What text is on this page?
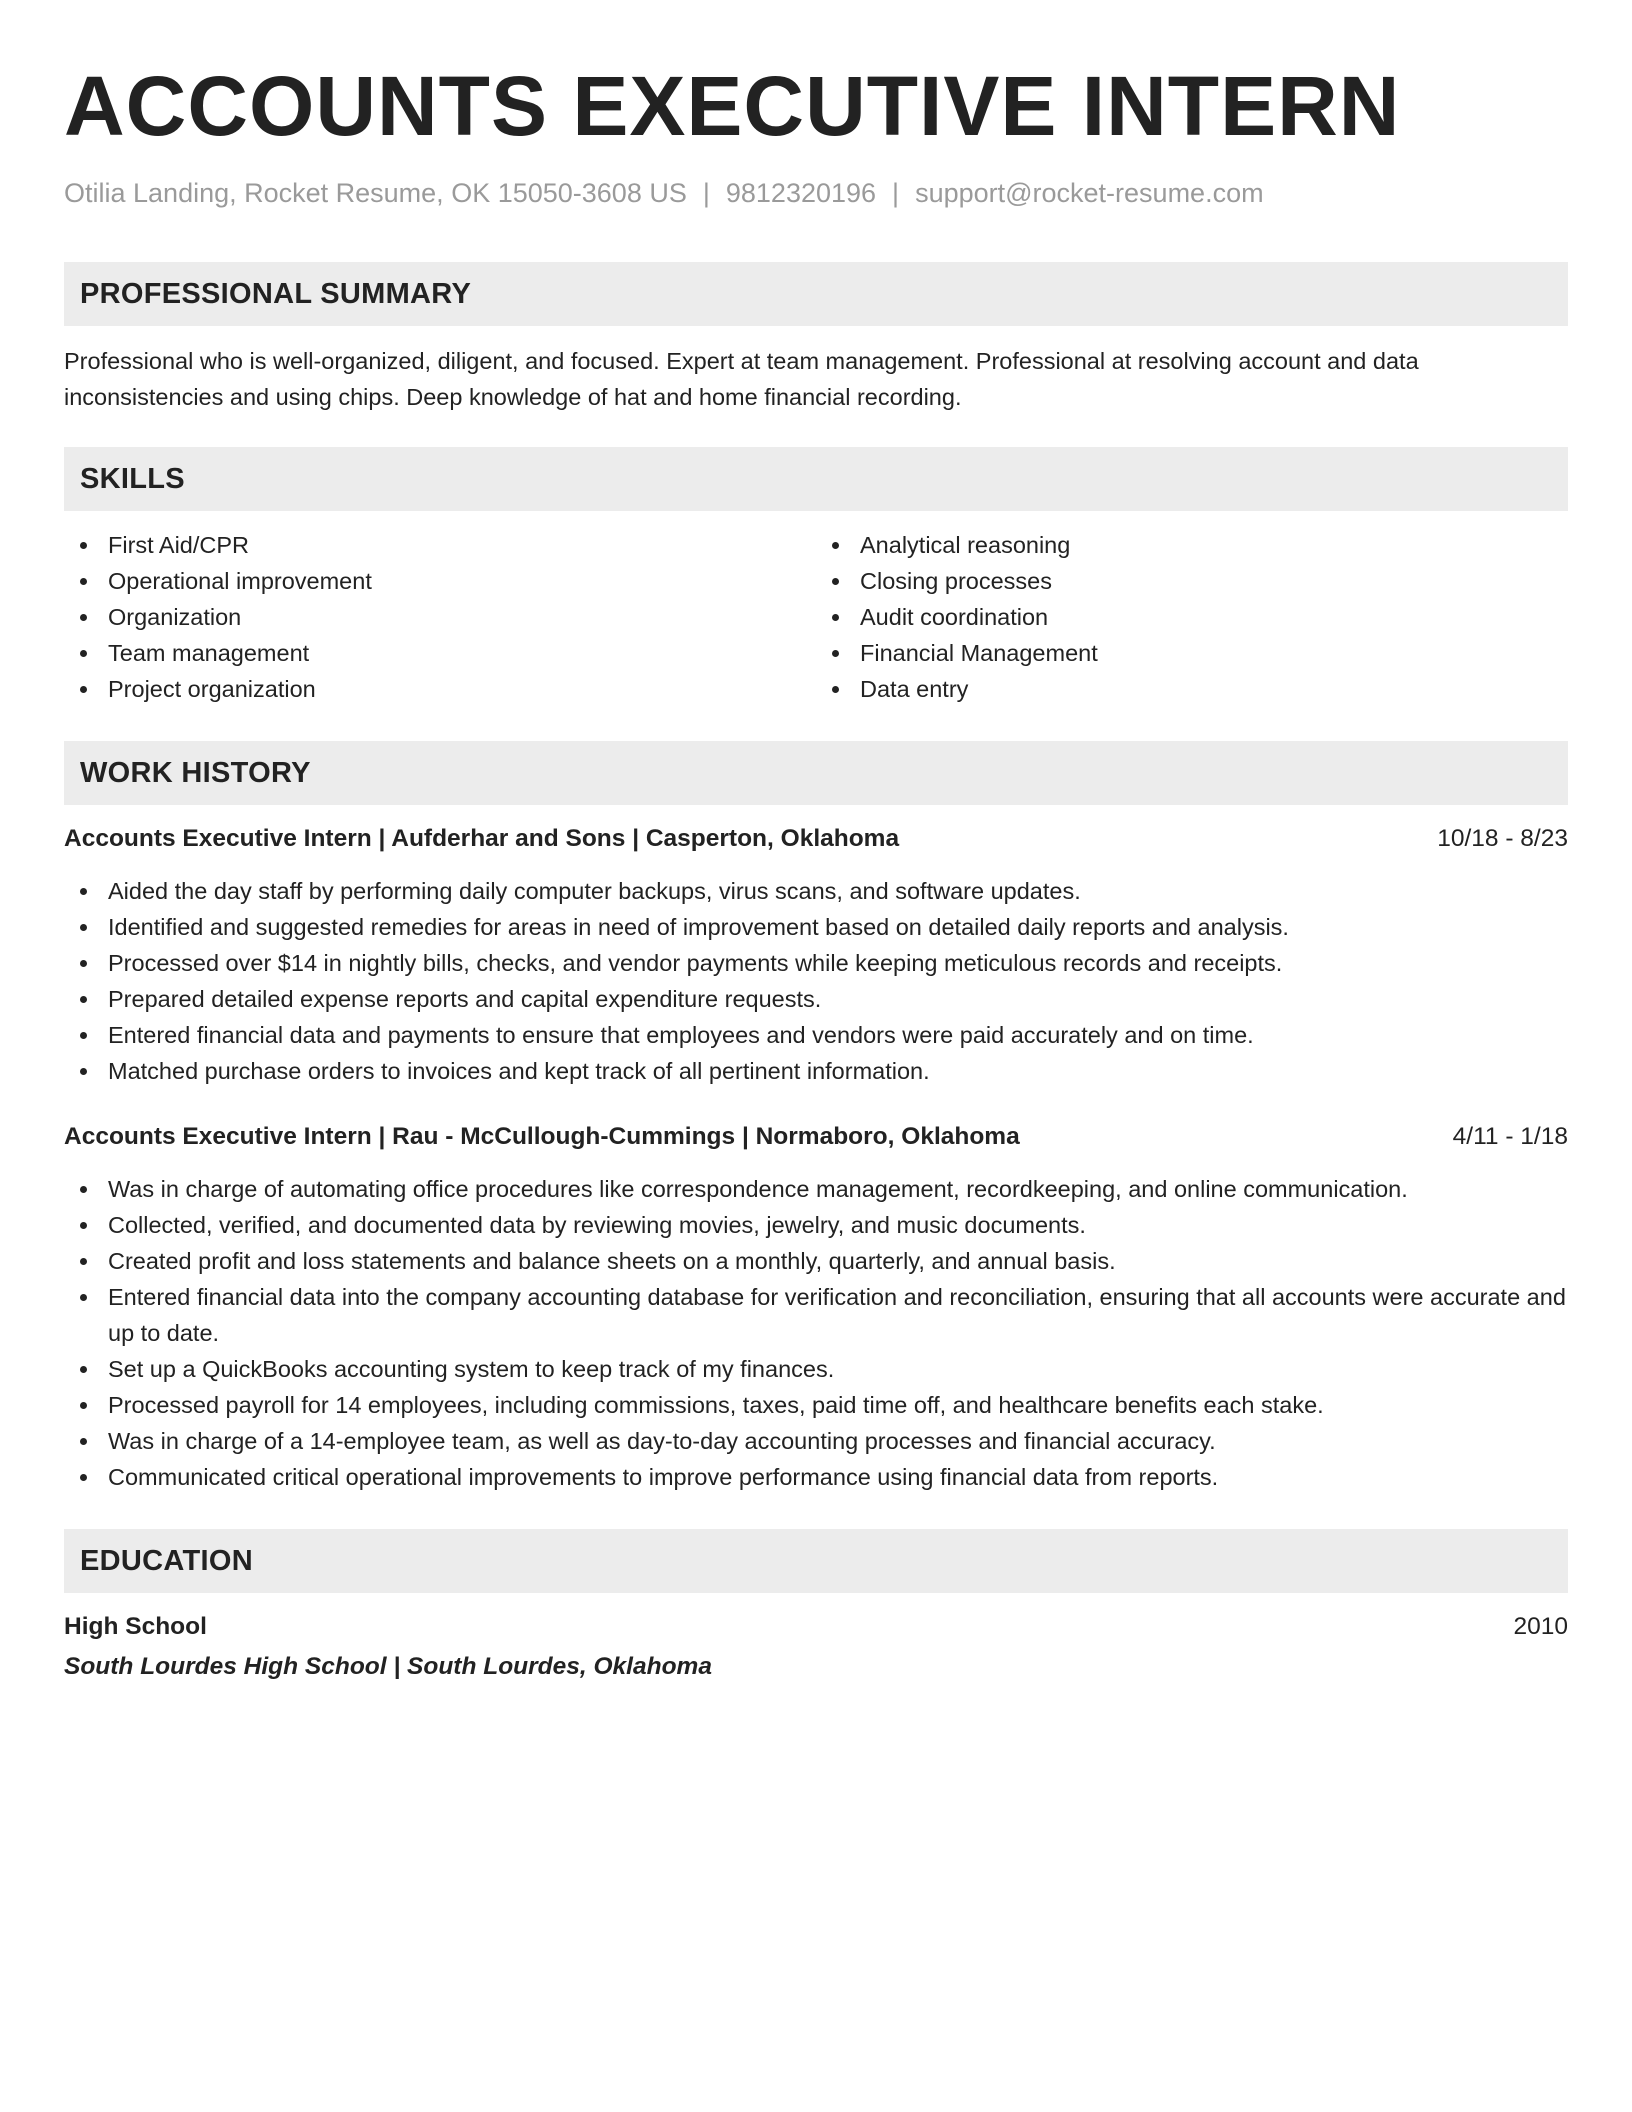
ACCOUNTS EXECUTIVE INTERN
Otilia Landing, Rocket Resume, OK 15050-3608 US | 9812320196 | support@rocket-resume.com
PROFESSIONAL SUMMARY

Professional who is well-organized, diligent, and focused. Expert at team management. Professional at resolving account and data inconsistencies and using chips. Deep knowledge of hat and home financial recording.

SKILLS
First Aid/CPR
Operational improvement
Organization
Team management
Project organization
Analytical reasoning
Closing processes
Audit coordination
Financial Management
Data entry
WORK HISTORY
Accounts Executive Intern | Aufderhar and Sons | Casperton, Oklahoma	10/18 - 8/23
Aided the day staff by performing daily computer backups, virus scans, and software updates.
Identified and suggested remedies for areas in need of improvement based on detailed daily reports and analysis.
Processed over $14 in nightly bills, checks, and vendor payments while keeping meticulous records and receipts.
Prepared detailed expense reports and capital expenditure requests.
Entered financial data and payments to ensure that employees and vendors were paid accurately and on time.
Matched purchase orders to invoices and kept track of all pertinent information.
Accounts Executive Intern | Rau - McCullough-Cummings | Normaboro, Oklahoma	4/11 - 1/18
Was in charge of automating office procedures like correspondence management, recordkeeping, and online communication.
Collected, verified, and documented data by reviewing movies, jewelry, and music documents.
Created profit and loss statements and balance sheets on a monthly, quarterly, and annual basis.
Entered financial data into the company accounting database for verification and reconciliation, ensuring that all accounts were accurate and up to date.
Set up a QuickBooks accounting system to keep track of my finances.
Processed payroll for 14 employees, including commissions, taxes, paid time off, and healthcare benefits each stake.
Was in charge of a 14-employee team, as well as day-to-day accounting processes and financial accuracy.
Communicated critical operational improvements to improve performance using financial data from reports.
EDUCATION
High School	2010
South Lourdes High School | South Lourdes, Oklahoma
